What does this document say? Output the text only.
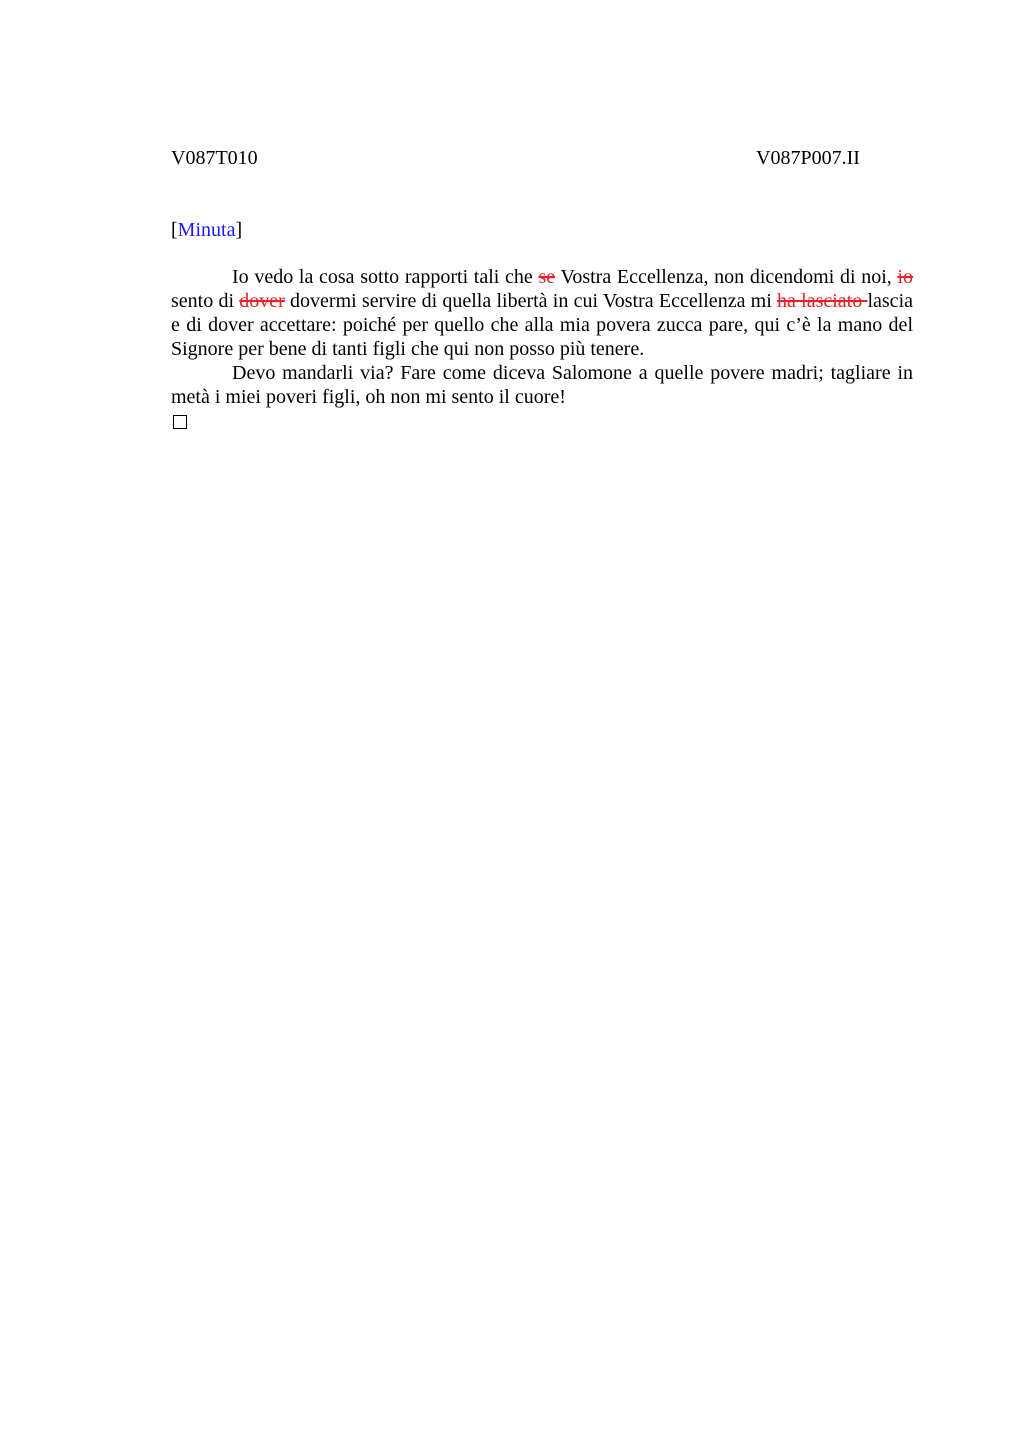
V087T010	V087P007.II
[Minuta]

Io vedo la cosa sotto rapporti tali che se Vostra Eccellenza, non dicendomi di noi, io sento di dover dovermi servire di quella libertà in cui Vostra Eccellenza mi ha lasciato lascia e di dover accettare: poiché per quello che alla mia povera zucca pare, qui c’è la mano del Signore per bene di tanti figli che qui non posso più tenere.

Devo mandarli via? Fare come diceva Salomone a quelle povere madri; tagliare in metà i miei poveri figli, oh non mi sento il cuore!
